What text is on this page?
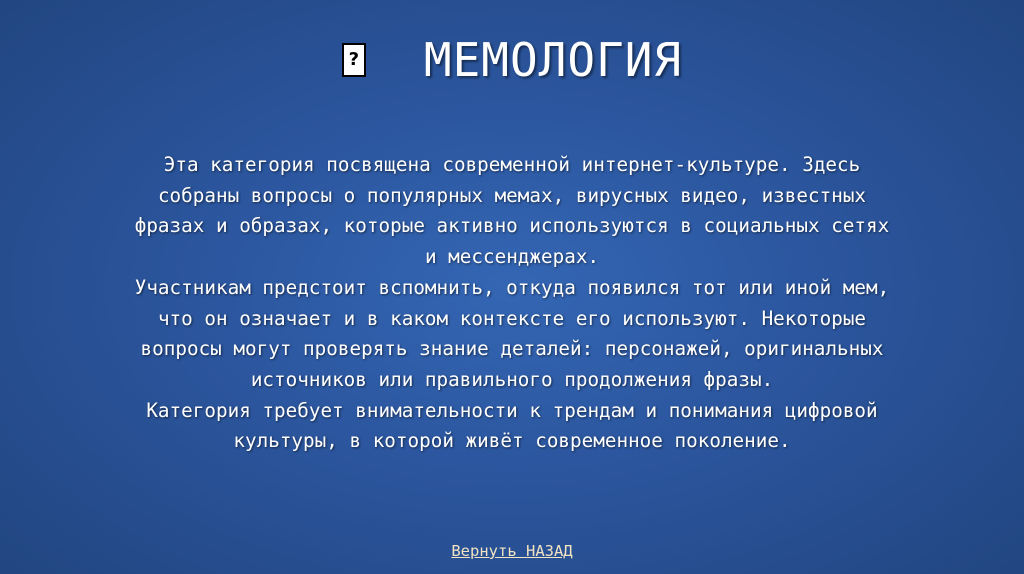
? МЕМОЛОГИЯ

Эта категория посвящена современной интернет-культуре. Здесь

собраны вопросы о популярных мемах, вирусных видео, известных

фразах и образах, которые активно используются в социальных сетях

и мессенджерах.

Участникам предстоит вспомнить, откуда появился тот или иной мем,

что он означает и в каком контексте его используют. Некоторые

вопросы могут проверять знание деталей: персонажей, оригинальных

источников или правильного продолжения фразы.

Категория требует внимательности к трендам и понимания цифровой

культуры, в которой живёт современное поколение.

Вернуть НАЗАД
